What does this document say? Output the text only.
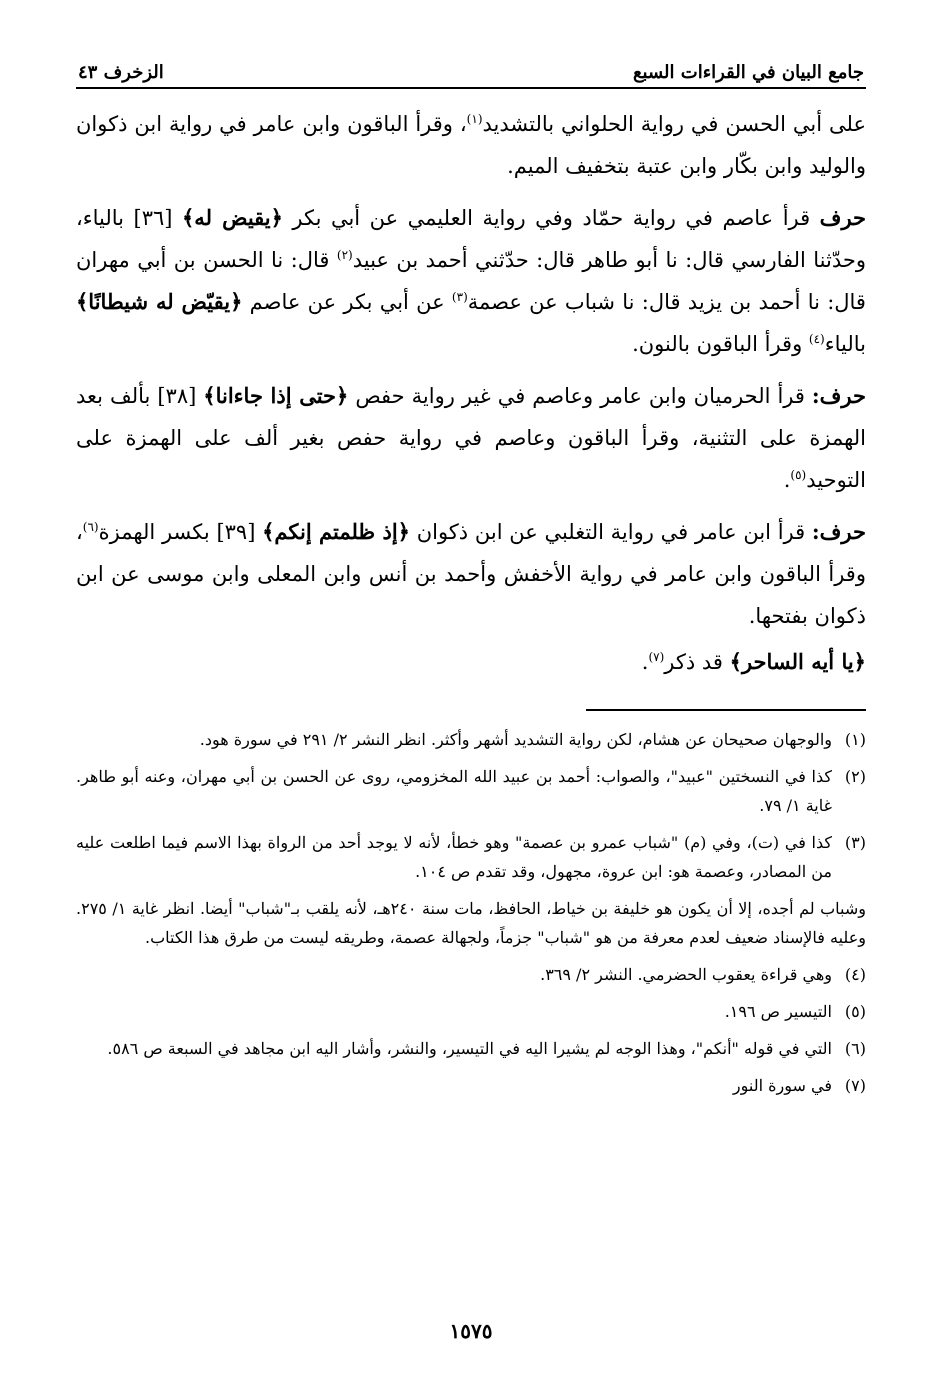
جامع البيان في القراءات السبع
الزخرف ٤٣

على أبي الحسن في رواية الحلواني بالتشديد$^{(١)}$، وقرأ الباقون وابن عامر في رواية ابن ذكوان والوليد وابن بكّار وابن عتبة بتخفيف الميم.

حرف قرأ عاصم في رواية حمّاد وفي رواية العليمي عن أبي بكر ﴿يقيض له﴾ [٣٦] بالياء، وحدّثنا الفارسي قال: نا أبو طاهر قال: حدّثني أحمد بن عبيد$^{(٢)}$ قال: نا الحسن بن أبي مهران قال: نا أحمد بن يزيد قال: نا شباب عن عصمة$^{(٣)}$ عن أبي بكر عن عاصم ﴿يقيّض له شيطانًا﴾ بالياء$^{(٤)}$ وقرأ الباقون بالنون.

حرف: قرأ الحرميان وابن عامر وعاصم في غير رواية حفص ﴿حتى إذا جاءانا﴾ [٣٨] بألف بعد الهمزة على التثنية، وقرأ الباقون وعاصم في رواية حفص بغير ألف على الهمزة على التوحيد$^{(٥)}$.

حرف: قرأ ابن عامر في رواية التغلبي عن ابن ذكوان ﴿إذ ظلمتم إنكم﴾ [٣٩] بكسر الهمزة$^{(٦)}$، وقرأ الباقون وابن عامر في رواية الأخفش وأحمد بن أنس وابن المعلى وابن موسى عن ابن ذكوان بفتحها.

﴿يا أيه الساحر﴾ قد ذكر$^{(٧)}$.

(١)
والوجهان صحيحان عن هشام، لكن رواية التشديد أشهر وأكثر. انظر النشر ٢/ ٢٩١ في سورة هود.
(٢)
كذا في النسختين "عبيد"، والصواب: أحمد بن عبيد الله المخزومي، روى عن الحسن بن أبي مهران، وعنه أبو طاهر. غاية ١/ ٧٩.
(٣)
كذا في (ت)، وفي (م) "شباب عمرو بن عصمة" وهو خطأ، لأنه لا يوجد أحد من الرواة بهذا الاسم فيما اطلعت عليه من المصادر، وعصمة هو: ابن عروة، مجهول، وقد تقدم ص ١٠٤.
وشباب لم أجده، إلا أن يكون هو خليفة بن خياط، الحافظ، مات سنة ٢٤٠هـ، لأنه يلقب بـ"شباب" أيضا. انظر غاية ١/ ٢٧٥. وعليه فالإسناد ضعيف لعدم معرفة من هو "شباب" جزماً، ولجهالة عصمة، وطريقه ليست من طرق هذا الكتاب.
(٤)
وهي قراءة يعقوب الحضرمي. النشر ٢/ ٣٦٩.
(٥)
التيسير ص ١٩٦.
(٦)
التي في قوله "أنكم"، وهذا الوجه لم يشيرا اليه في التيسير، والنشر، وأشار اليه ابن مجاهد في السبعة ص ٥٨٦.
(٧)
في سورة النور
١٥٧٥
